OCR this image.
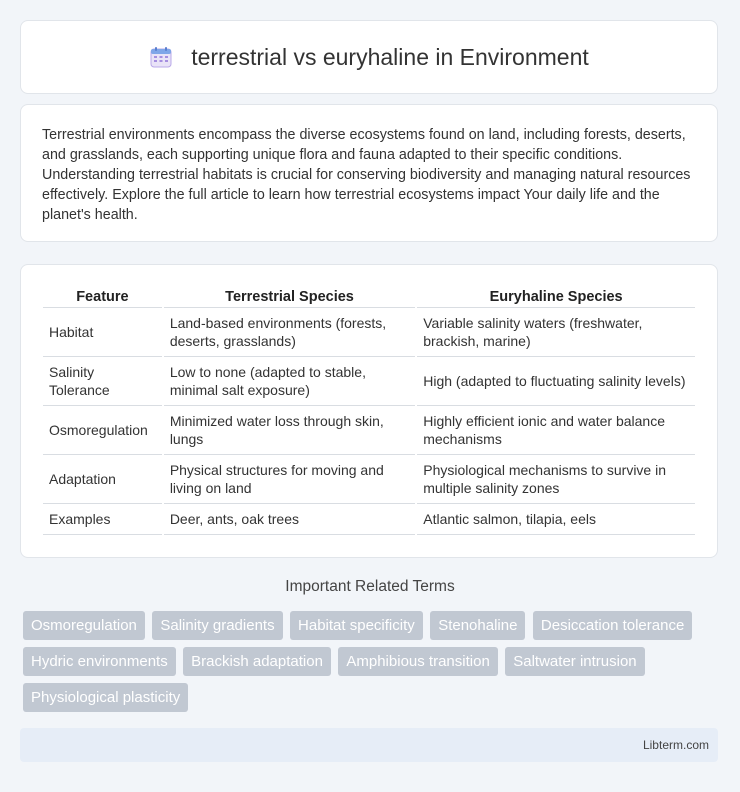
terrestrial vs euryhaline in Environment

Terrestrial environments encompass the diverse ecosystems found on land, including forests, deserts, and grasslands, each supporting unique flora and fauna adapted to their specific conditions. Understanding terrestrial habitats is crucial for conserving biodiversity and managing natural resources effectively. Explore the full article to learn how terrestrial ecosystems impact Your daily life and the planet's health.

Feature	Terrestrial Species	Euryhaline Species
Habitat	Land-based environments (forests, deserts, grasslands)	Variable salinity waters (freshwater, brackish, marine)
Salinity Tolerance	Low to none (adapted to stable, minimal salt exposure)	High (adapted to fluctuating salinity levels)
Osmoregulation	Minimized water loss through skin, lungs	Highly efficient ionic and water balance mechanisms
Adaptation	Physical structures for moving and living on land	Physiological mechanisms to survive in multiple salinity zones
Examples	Deer, ants, oak trees	Atlantic salmon, tilapia, eels
Important Related Terms
Osmoregulation Salinity gradients Habitat specificity Stenohaline Desiccation tolerance Hydric environments Brackish adaptation Amphibious transition Saltwater intrusion Physiological plasticity
Libterm.com
